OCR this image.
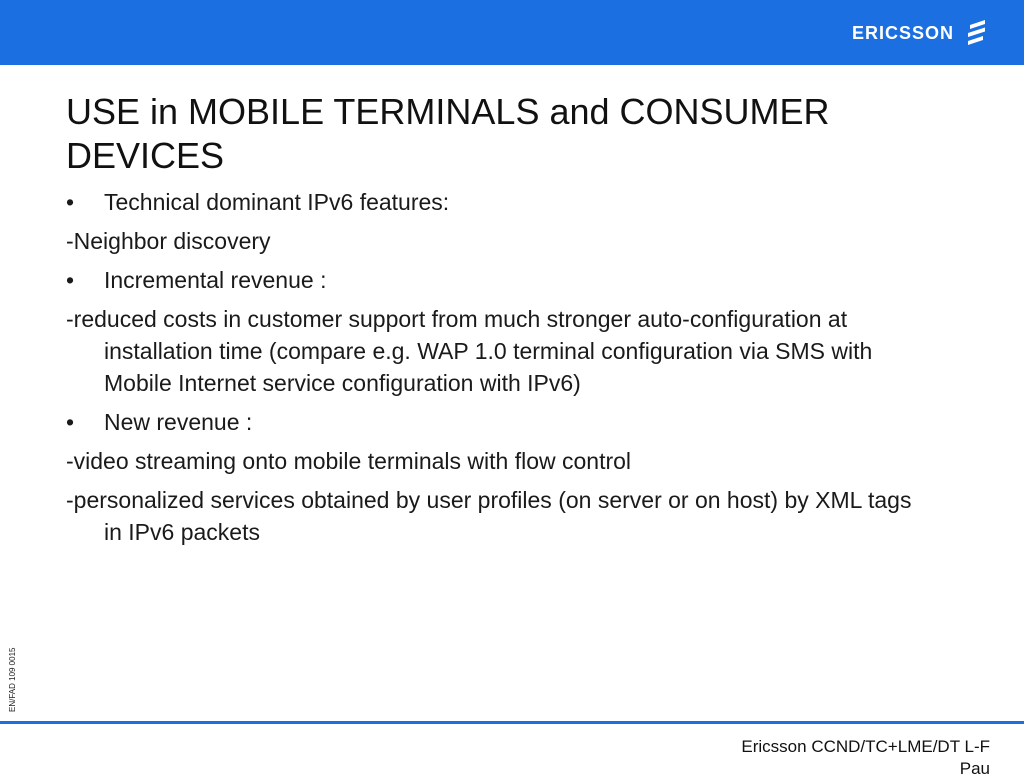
ERICSSON
USE in MOBILE TERMINALS and CONSUMER DEVICES
•	Technical dominant IPv6 features:
-Neighbor discovery
•	Incremental revenue :
-reduced costs in customer support from much stronger auto-configuration at installation time (compare e.g. WAP 1.0 terminal configuration via SMS with Mobile Internet service configuration with IPv6)
•	New revenue :
-video streaming onto mobile terminals with flow control
-personalized services obtained by user profiles (on server or on host) by XML tags in IPv6 packets
EN/FAD 109 0015
Ericsson CCND/TC+LME/DT L-F
Pau
